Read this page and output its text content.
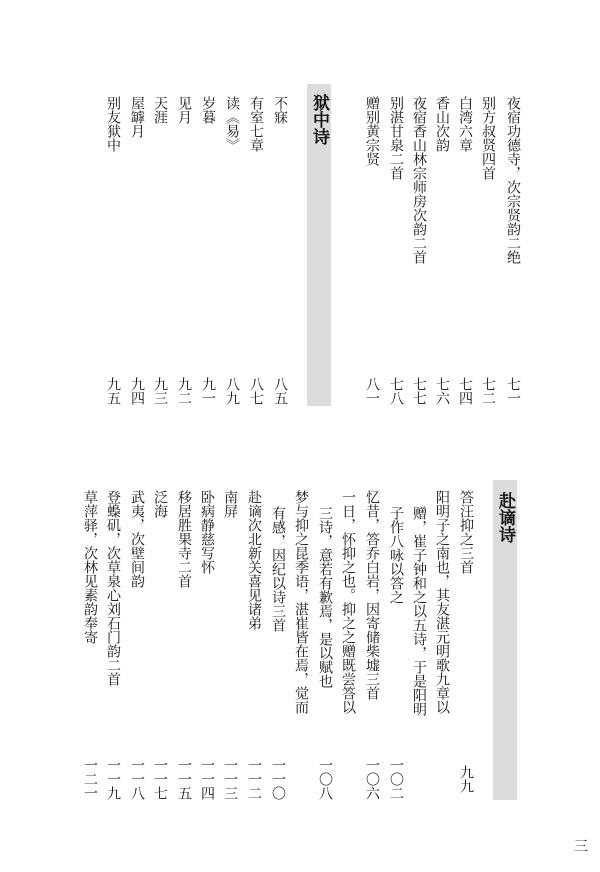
夜宿功德寺，次宗贤韵二绝
七一
别方叔贤四首
七二
白湾六章
七四
香山次韵
七六
夜宿香山林宗师房次韵二首
七七
别湛甘泉二首
七八
赠别黄宗贤
八一
狱中诗
不寐
八五
有室七章
八七
读《易》
八九
岁暮
九一
见月
九二
天涯
九三
屋罅月
九四
别友狱中
九五
赴谪诗
答汪抑之三首
九九
阳明子之南也，其友湛元明歌九章以
赠，崔子钟和之以五诗，于是阳明
子作八咏以答之
一〇二
忆昔，答乔白岩，因寄储柴墟三首
一〇六
一日，怀抑之也。抑之之赠既尝答以
三诗，意若有歉焉，是以赋也
一〇八
梦与抑之昆季语，湛崔皆在焉，觉而
有感，因纪以诗三首
一一〇
赴谪次北新关喜见诸弟
一一二
南屏
一一三
卧病静慈写怀
一一四
移居胜果寺二首
一一五
泛海
一一七
武夷，次壁间韵
一一八
登蟂矶，次草泉心刘石门韵二首
一一九
草萍驿，次林见素韵奉寄
一二一
三
